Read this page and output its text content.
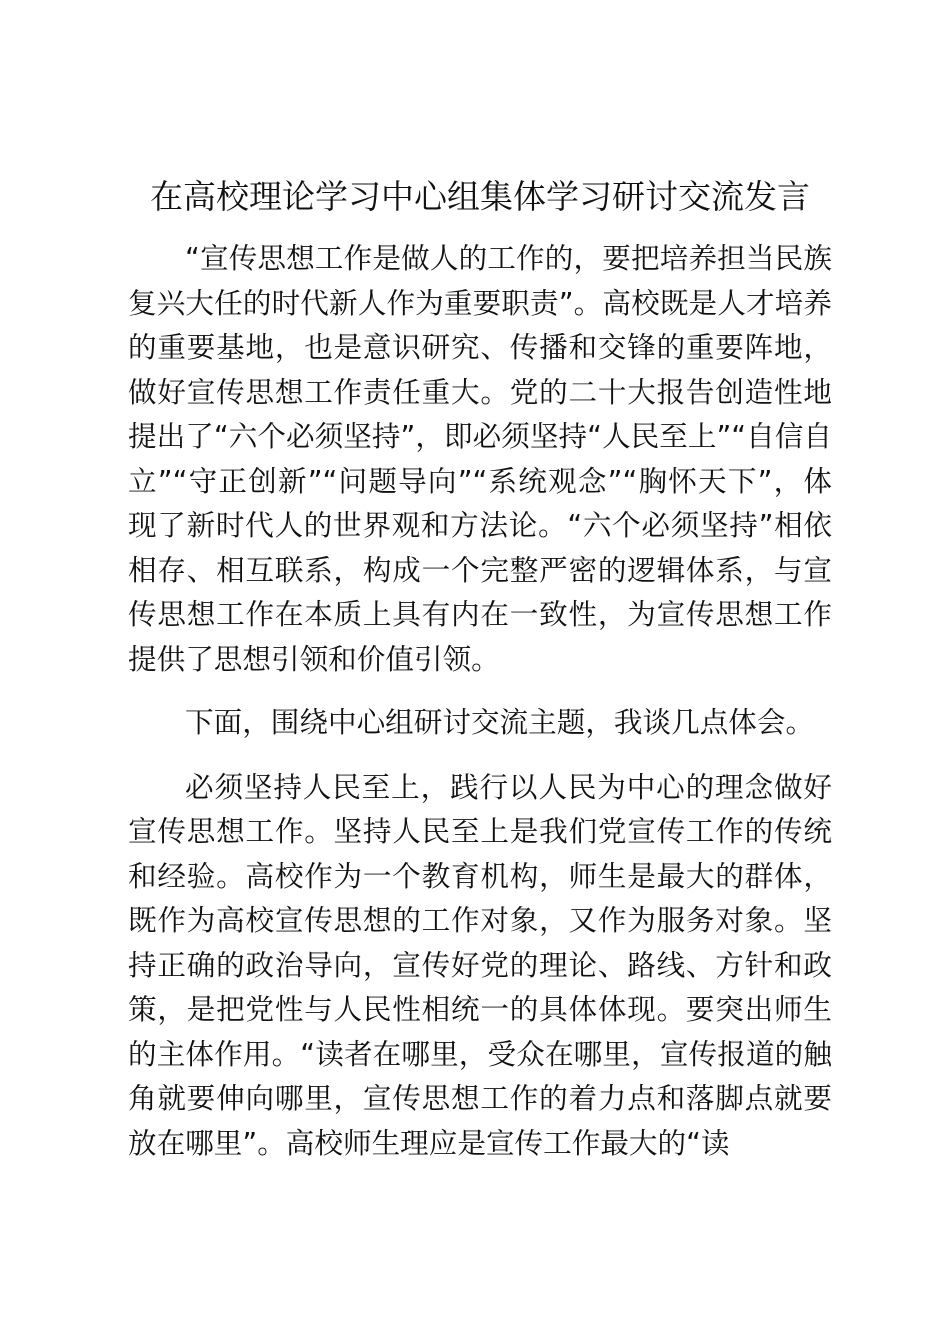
在高校理论学习中心组集体学习研讨交流发言

“宣传思想工作是做人的工作的，要把培养担当民族复兴大任的时代新人作为重要职责”。高校既是人才培养的重要基地，也是意识研究、传播和交锋的重要阵地，做好宣传思想工作责任重大。党的二十大报告创造性地提出了“六个必须坚持”，即必须坚持“人民至上”“自信自立”“守正创新”“问题导向”“系统观念”“胸怀天下”，体现了新时代人的世界观和方法论。“六个必须坚持”相依相存、相互联系，构成一个完整严密的逻辑体系，与宣传思想工作在本质上具有内在一致性，为宣传思想工作提供了思想引领和价值引领。

下面，围绕中心组研讨交流主题，我谈几点体会。

必须坚持人民至上，践行以人民为中心的理念做好宣传思想工作。坚持人民至上是我们党宣传工作的传统和经验。高校作为一个教育机构，师生是最大的群体，既作为高校宣传思想的工作对象，又作为服务对象。坚持正确的政治导向，宣传好党的理论、路线、方针和政策，是把党性与人民性相统一的具体体现。要突出师生的主体作用。“读者在哪里，受众在哪里，宣传报道的触角就要伸向哪里，宣传思想工作的着力点和落脚点就要放在哪里”。高校师生理应是宣传工作最大的“读
